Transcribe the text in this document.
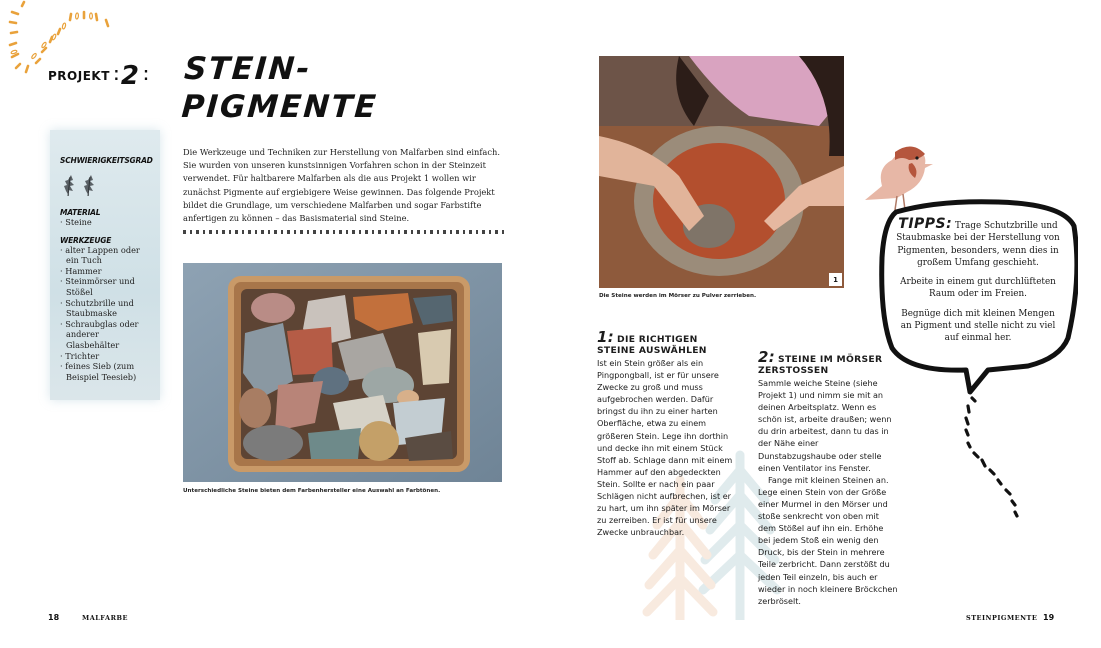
PROJEKT ⁚ 2 ⁚ STEIN-
PIGMENTE
SCHWIERIGKEITSGRAD
MATERIAL
· Steine
WERKZEUGE
· alter Lappen oder ein Tuch
· Hammer
· Steinmörser und Stößel
· Schutzbrille und Staubmaske
· Schraubglas oder anderer Glasbehälter
· Trichter
· feines Sieb (zum Beispiel Teesieb)

Die Werkzeuge und Techniken zur Herstellung von Malfarben sind einfach. Sie wurden von unseren kunstsinnigen Vorfahren schon in der Steinzeit verwendet. Für haltbarere Malfarben als die aus Projekt 1 wollen wir zunächst Pigmente auf ergiebigere Weise gewinnen. Das folgende Projekt bildet die Grundlage, um verschiedene Malfarben und sogar Farbstifte anfertigen zu können – das Basismaterial sind Steine.

Unterschiedliche Steine bieten dem Farbenhersteller eine Auswahl an Farbtönen.
1
Die Steine werden im Mörser zu Pulver zerrieben.
1: DIE RICHTIGEN STEINE AUSWÄHLEN

Ist ein Stein größer als ein Pingpongball, ist er für unsere Zwecke zu groß und muss aufgebrochen werden. Dafür bringst du ihn zu einer harten Oberfläche, etwa zu einem größeren Stein. Lege ihn dorthin und decke ihn mit einem Stück Stoff ab. Schlage dann mit einem Hammer auf den abgedeckten Stein. Sollte er nach ein paar Schlägen nicht aufbrechen, ist er zu hart, um ihn später im Mörser zu zerreiben. Er ist für unsere Zwecke unbrauchbar.

2: STEINE IM MÖRSER ZERSTOSSEN

Sammle weiche Steine (siehe Projekt 1) und nimm sie mit an deinen Arbeitsplatz. Wenn es schön ist, arbeite draußen; wenn du drin arbeitest, dann tu das in der Nähe einer Dunstabzugshaube oder stelle einen Ventilator ins Fenster.

Fange mit kleinen Steinen an. Lege einen Stein von der Größe einer Murmel in den Mörser und stoße senkrecht von oben mit dem Stößel auf ihn ein. Erhöhe bei jedem Stoß ein wenig den Druck, bis der Stein in mehrere Teile zerbricht. Dann zerstößt du jeden Teil einzeln, bis auch er wieder in noch kleinere Bröckchen zerbröselt.

TIPPS: Trage Schutzbrille und Staubmaske bei der Herstellung von Pigmenten, besonders, wenn dies in großem Umfang geschieht.

Arbeite in einem gut durchlüfteten Raum oder im Freien.

Begnüge dich mit kleinen Mengen an Pigment und stelle nicht zu viel auf einmal her.

18	MALFARBE	STEINPIGMENTE 19
